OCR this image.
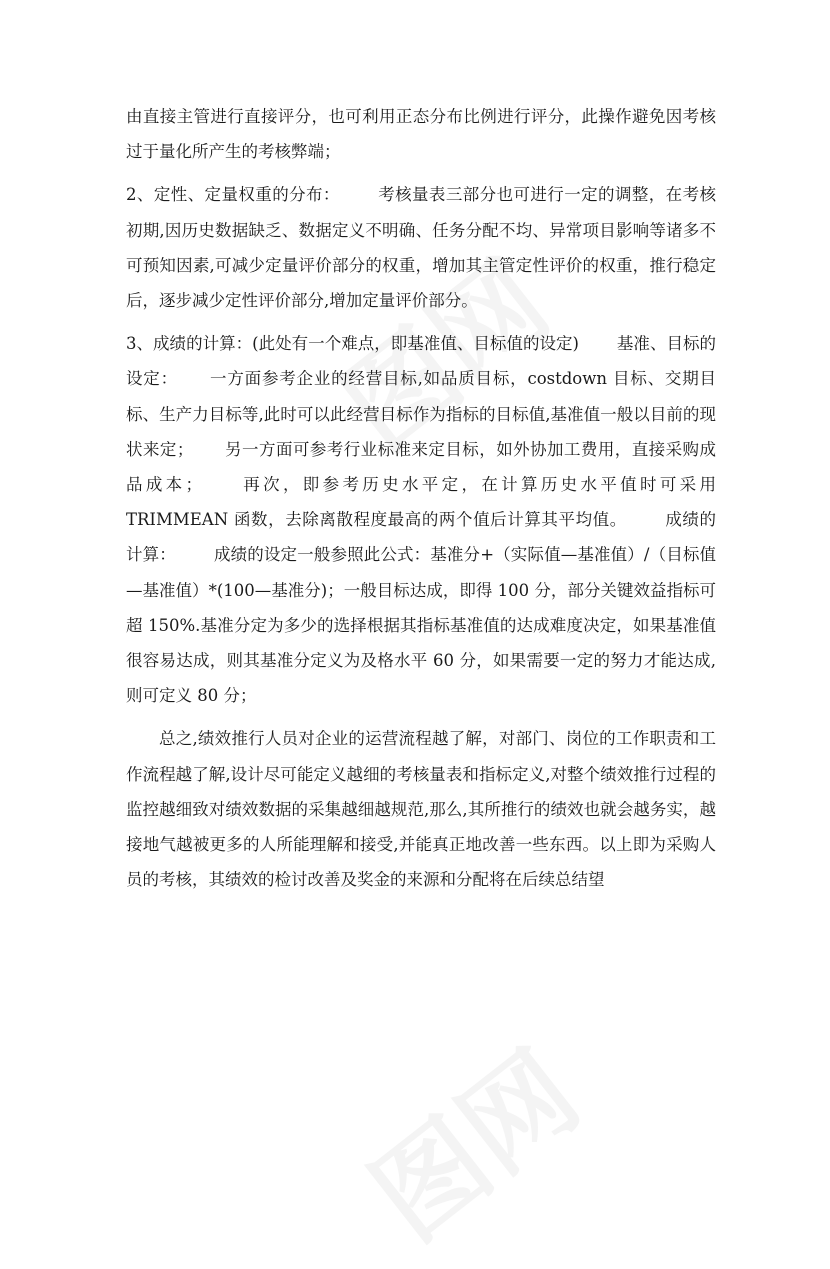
由直接主管进行直接评分，也可利用正态分布比例进行评分，此操作避免因考核过于量化所产生的考核弊端；

2、定性、定量权重的分布： 考核量表三部分也可进行一定的调整，在考核初期,因历史数据缺乏、数据定义不明确、任务分配不均、异常项目影响等诸多不可预知因素,可减少定量评价部分的权重，增加其主管定性评价的权重，推行稳定后，逐步减少定性评价部分,增加定量评价部分。

3、成绩的计算：(此处有一个难点，即基准值、目标值的设定) 基准、目标的设定： 一方面参考企业的经营目标,如品质目标，costdown 目标、交期目标、生产力目标等,此时可以此经营目标作为指标的目标值,基准值一般以目前的现状来定； 另一方面可参考行业标准来定目标，如外协加工费用，直接采购成品成本； 再次，即参考历史水平定，在计算历史水平值时可采用 TRIMMEAN 函数，去除离散程度最高的两个值后计算其平均值。 成绩的计算： 成绩的设定一般参照此公式：基准分+（实际值—基准值）/（目标值—基准值）*(100—基准分)；一般目标达成，即得 100 分，部分关键效益指标可超 150%.基准分定为多少的选择根据其指标基准值的达成难度决定，如果基准值很容易达成，则其基准分定义为及格水平 60 分，如果需要一定的努力才能达成,则可定义 80 分；

总之,绩效推行人员对企业的运营流程越了解，对部门、岗位的工作职责和工作流程越了解,设计尽可能定义越细的考核量表和指标定义,对整个绩效推行过程的监控越细致对绩效数据的采集越细越规范,那么,其所推行的绩效也就会越务实，越接地气越被更多的人所能理解和接受,并能真正地改善一些东西。以上即为采购人员的考核，其绩效的检讨改善及奖金的来源和分配将在后续总结望
